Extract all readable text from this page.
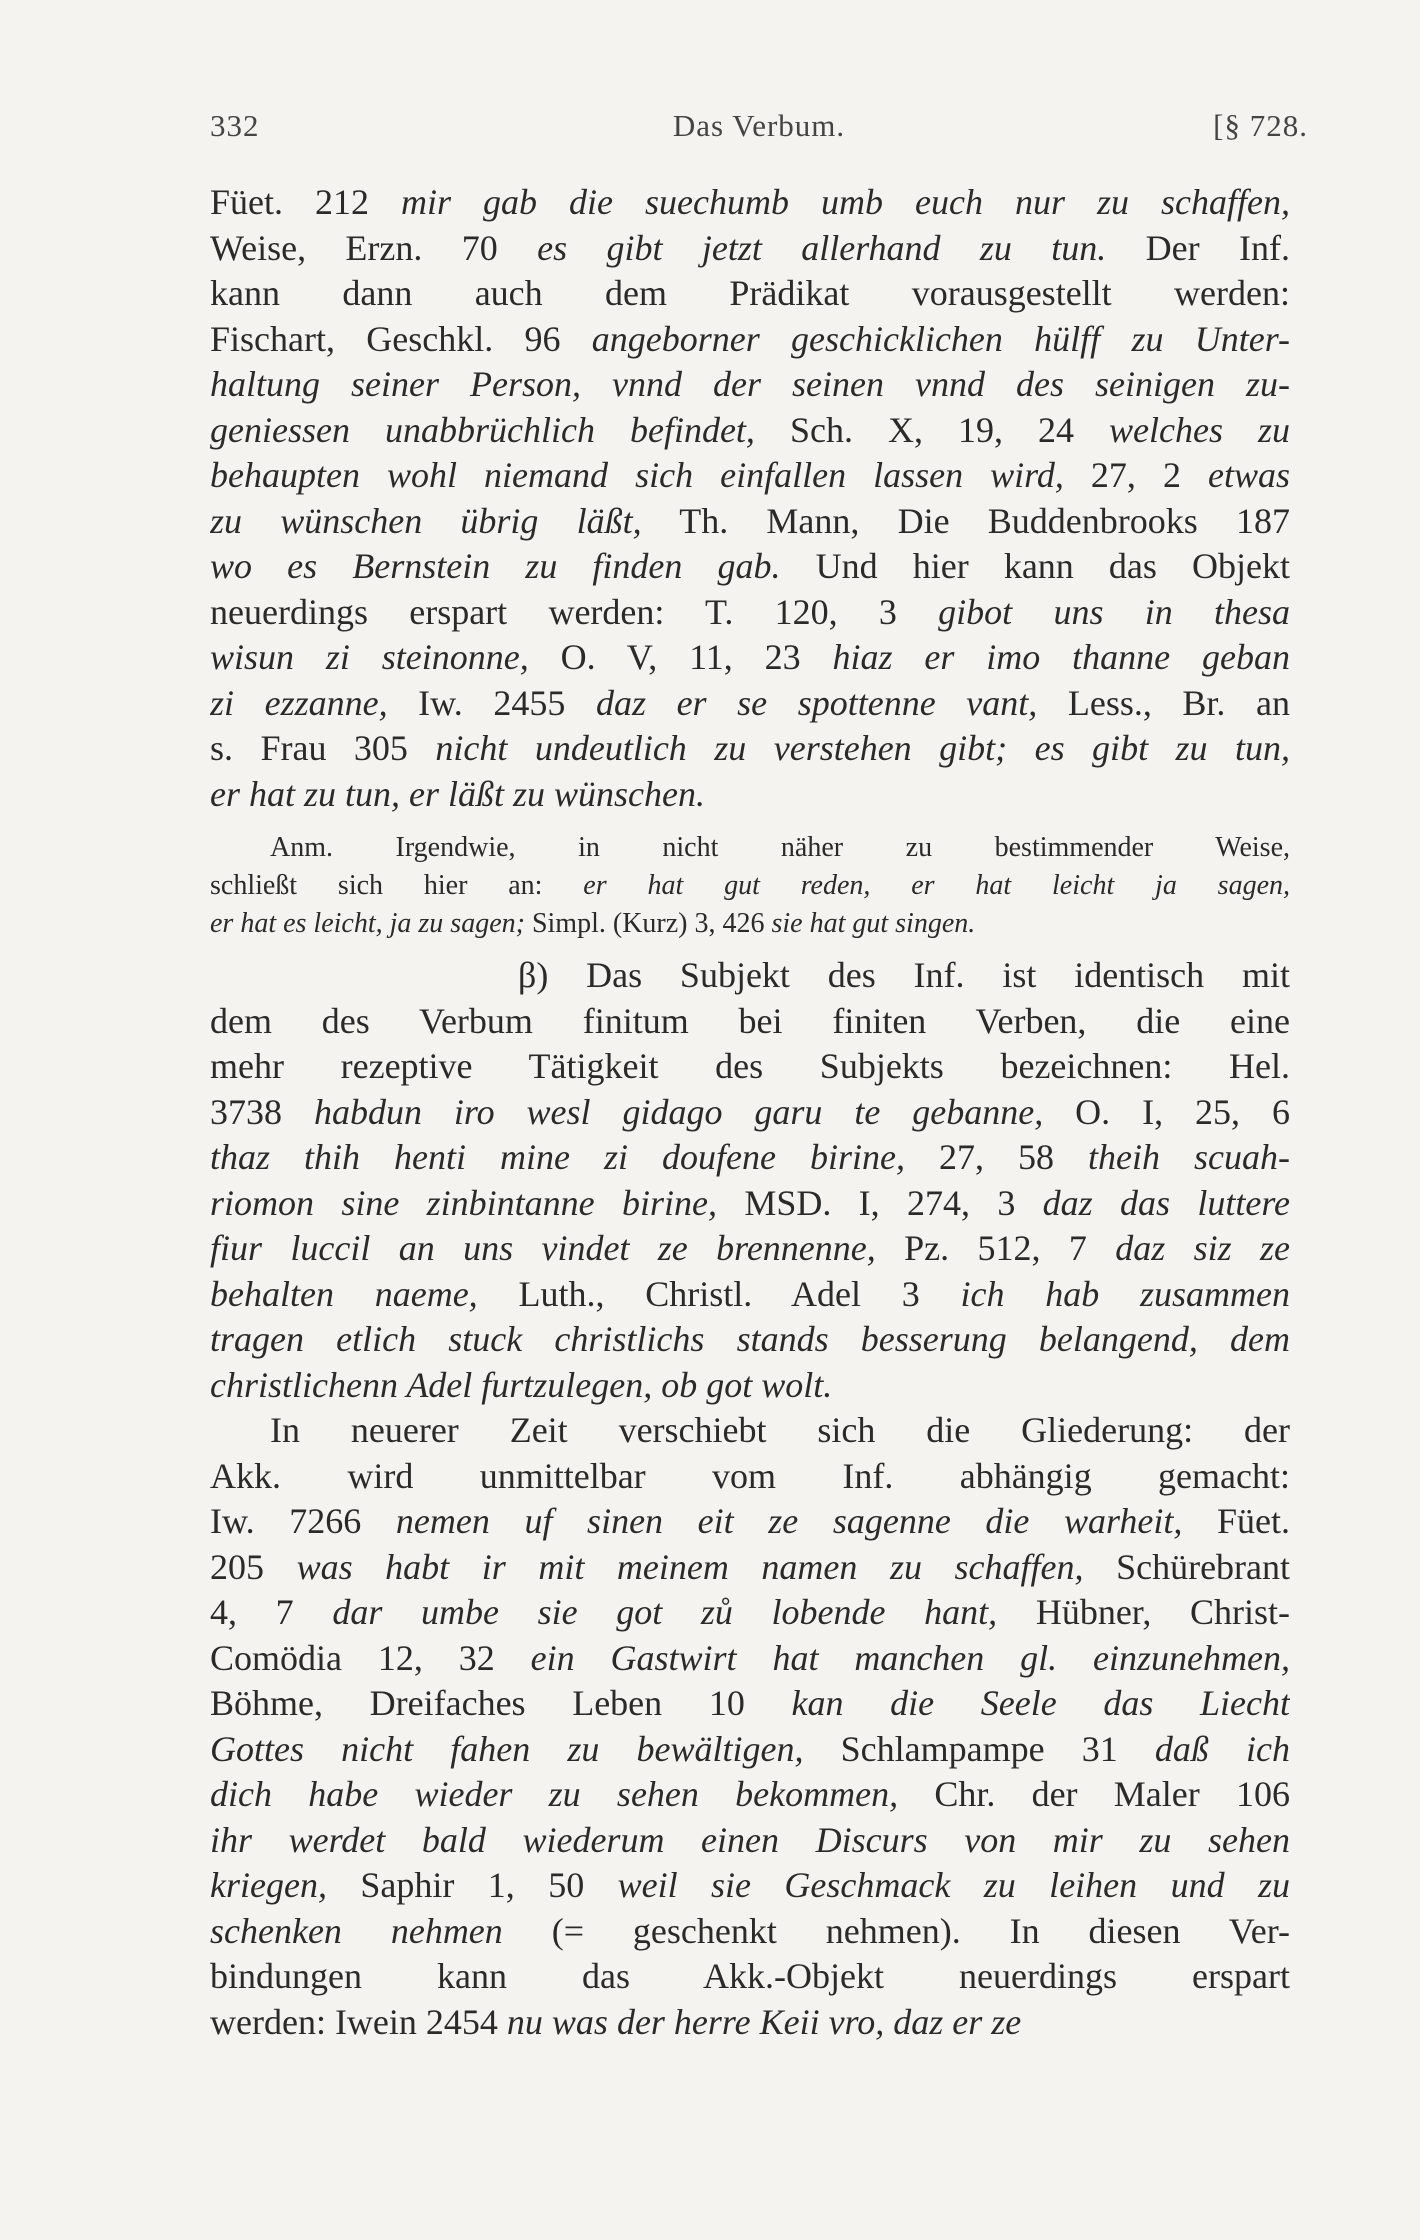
332	Das Verbum.	[§ 728.
Füet. 212 mir gab die suechumb umb euch nur zu schaffen,
Weise, Erzn. 70 es gibt jetzt allerhand zu tun. Der Inf.
kann dann auch dem Prädikat vorausgestellt werden:
Fischart, Geschkl. 96 angeborner geschicklichen hülff zu Unter-
haltung seiner Person, vnnd der seinen vnnd des seinigen zu-
geniessen unabbrüchlich befindet, Sch. X, 19, 24 welches zu
behaupten wohl niemand sich einfallen lassen wird, 27, 2 etwas
zu wünschen übrig läßt, Th. Mann, Die Buddenbrooks 187
wo es Bernstein zu finden gab. Und hier kann das Objekt
neuerdings erspart werden: T. 120, 3 gibot uns in thesa
wisun zi steinonne, O. V, 11, 23 hiaz er imo thanne geban
zi ezzanne, Iw. 2455 daz er se spottenne vant, Less., Br. an
s. Frau 305 nicht undeutlich zu verstehen gibt; es gibt zu tun,
er hat zu tun, er läßt zu wünschen.
Anm. Irgendwie, in nicht näher zu bestimmender Weise,
schließt sich hier an: er hat gut reden, er hat leicht ja sagen,
er hat es leicht, ja zu sagen; Simpl. (Kurz) 3, 426 sie hat gut singen.
β) Das Subjekt des Inf. ist identisch mit
dem des Verbum finitum bei finiten Verben, die eine
mehr rezeptive Tätigkeit des Subjekts bezeichnen: Hel.
3738 habdun iro wesl gidago garu te gebanne, O. I, 25, 6
thaz thih henti mine zi doufene birine, 27, 58 theih scuah-
riomon sine zinbintanne birine, MSD. I, 274, 3 daz das luttere
fiur luccil an uns vindet ze brennenne, Pz. 512, 7 daz siz ze
behalten naeme, Luth., Christl. Adel 3 ich hab zusammen
tragen etlich stuck christlichs stands besserung belangend, dem
christlichenn Adel furtzulegen, ob got wolt.
In neuerer Zeit verschiebt sich die Gliederung: der
Akk. wird unmittelbar vom Inf. abhängig gemacht:
Iw. 7266 nemen uf sinen eit ze sagenne die warheit, Füet.
205 was habt ir mit meinem namen zu schaffen, Schürebrant
4, 7 dar umbe sie got zů lobende hant, Hübner, Christ-
Comödia 12, 32 ein Gastwirt hat manchen gl. einzunehmen,
Böhme, Dreifaches Leben 10 kan die Seele das Liecht
Gottes nicht fahen zu bewältigen, Schlampampe 31 daß ich
dich habe wieder zu sehen bekommen, Chr. der Maler 106
ihr werdet bald wiederum einen Discurs von mir zu sehen
kriegen, Saphir 1, 50 weil sie Geschmack zu leihen und zu
schenken nehmen (= geschenkt nehmen). In diesen Ver-
bindungen kann das Akk.-Objekt neuerdings erspart
werden: Iwein 2454 nu was der herre Keii vro, daz er ze
